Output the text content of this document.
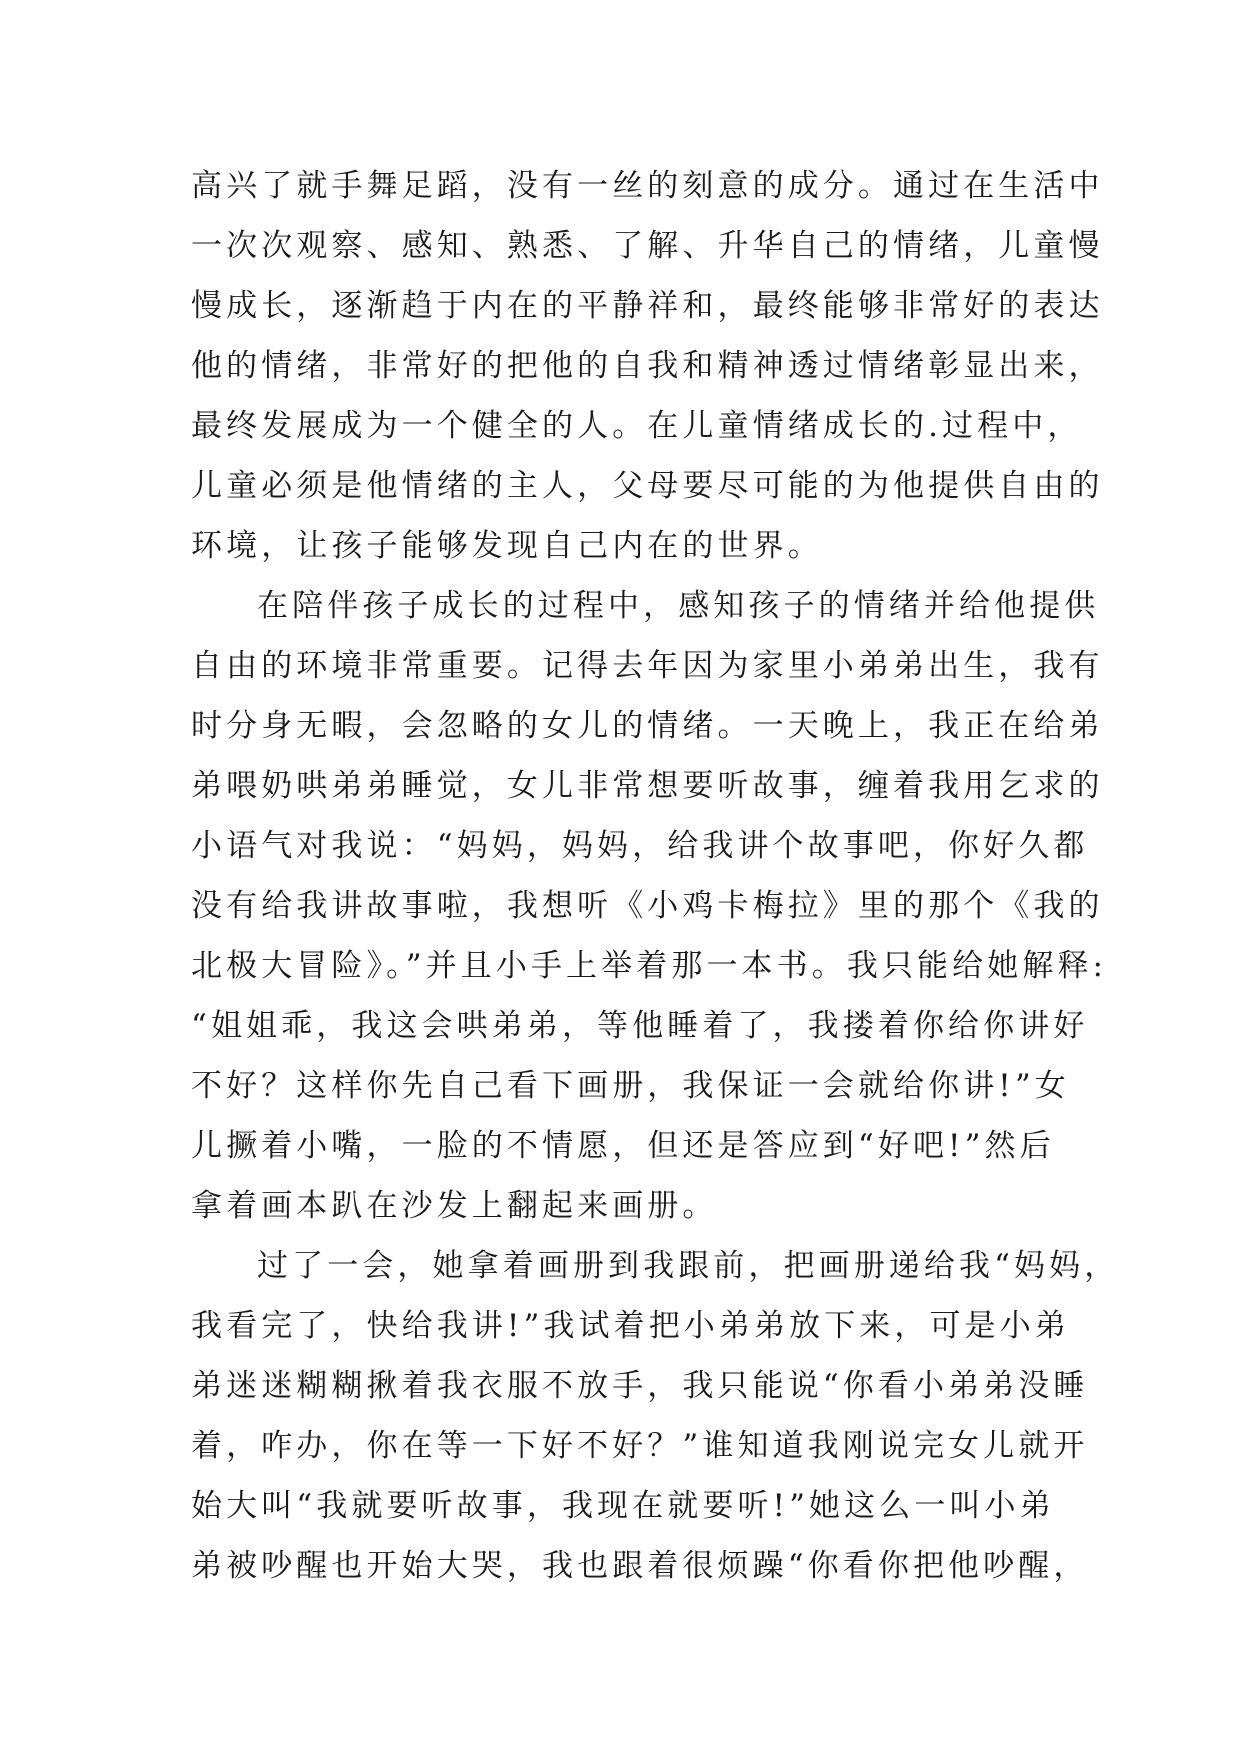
高兴了就手舞足蹈，没有一丝的刻意的成分。通过在生活中
一次次观察、感知、熟悉、了解、升华自己的情绪，儿童慢
慢成长，逐渐趋于内在的平静祥和，最终能够非常好的表达
他的情绪，非常好的把他的自我和精神透过情绪彰显出来，
最终发展成为一个健全的人。在儿童情绪成长的.过程中，
儿童必须是他情绪的主人，父母要尽可能的为他提供自由的
环境，让孩子能够发现自己内在的世界。
在陪伴孩子成长的过程中，感知孩子的情绪并给他提供
自由的环境非常重要。记得去年因为家里小弟弟出生，我有
时分身无暇，会忽略的女儿的情绪。一天晚上，我正在给弟
弟喂奶哄弟弟睡觉，女儿非常想要听故事，缠着我用乞求的
小语气对我说：“妈妈，妈妈，给我讲个故事吧，你好久都
没有给我讲故事啦，我想听《小鸡卡梅拉》里的那个《我的
北极大冒险》。”并且小手上举着那一本书。我只能给她解释:
“姐姐乖，我这会哄弟弟，等他睡着了，我搂着你给你讲好
不好？这样你先自己看下画册，我保证一会就给你讲!”女
儿撅着小嘴，一脸的不情愿，但还是答应到“好吧!”然后
拿着画本趴在沙发上翻起来画册。
过了一会，她拿着画册到我跟前，把画册递给我“妈妈，
我看完了，快给我讲!”我试着把小弟弟放下来，可是小弟
弟迷迷糊糊揪着我衣服不放手，我只能说“你看小弟弟没睡
着，咋办，你在等一下好不好？”谁知道我刚说完女儿就开
始大叫“我就要听故事，我现在就要听!”她这么一叫小弟
弟被吵醒也开始大哭，我也跟着很烦躁“你看你把他吵醒，
